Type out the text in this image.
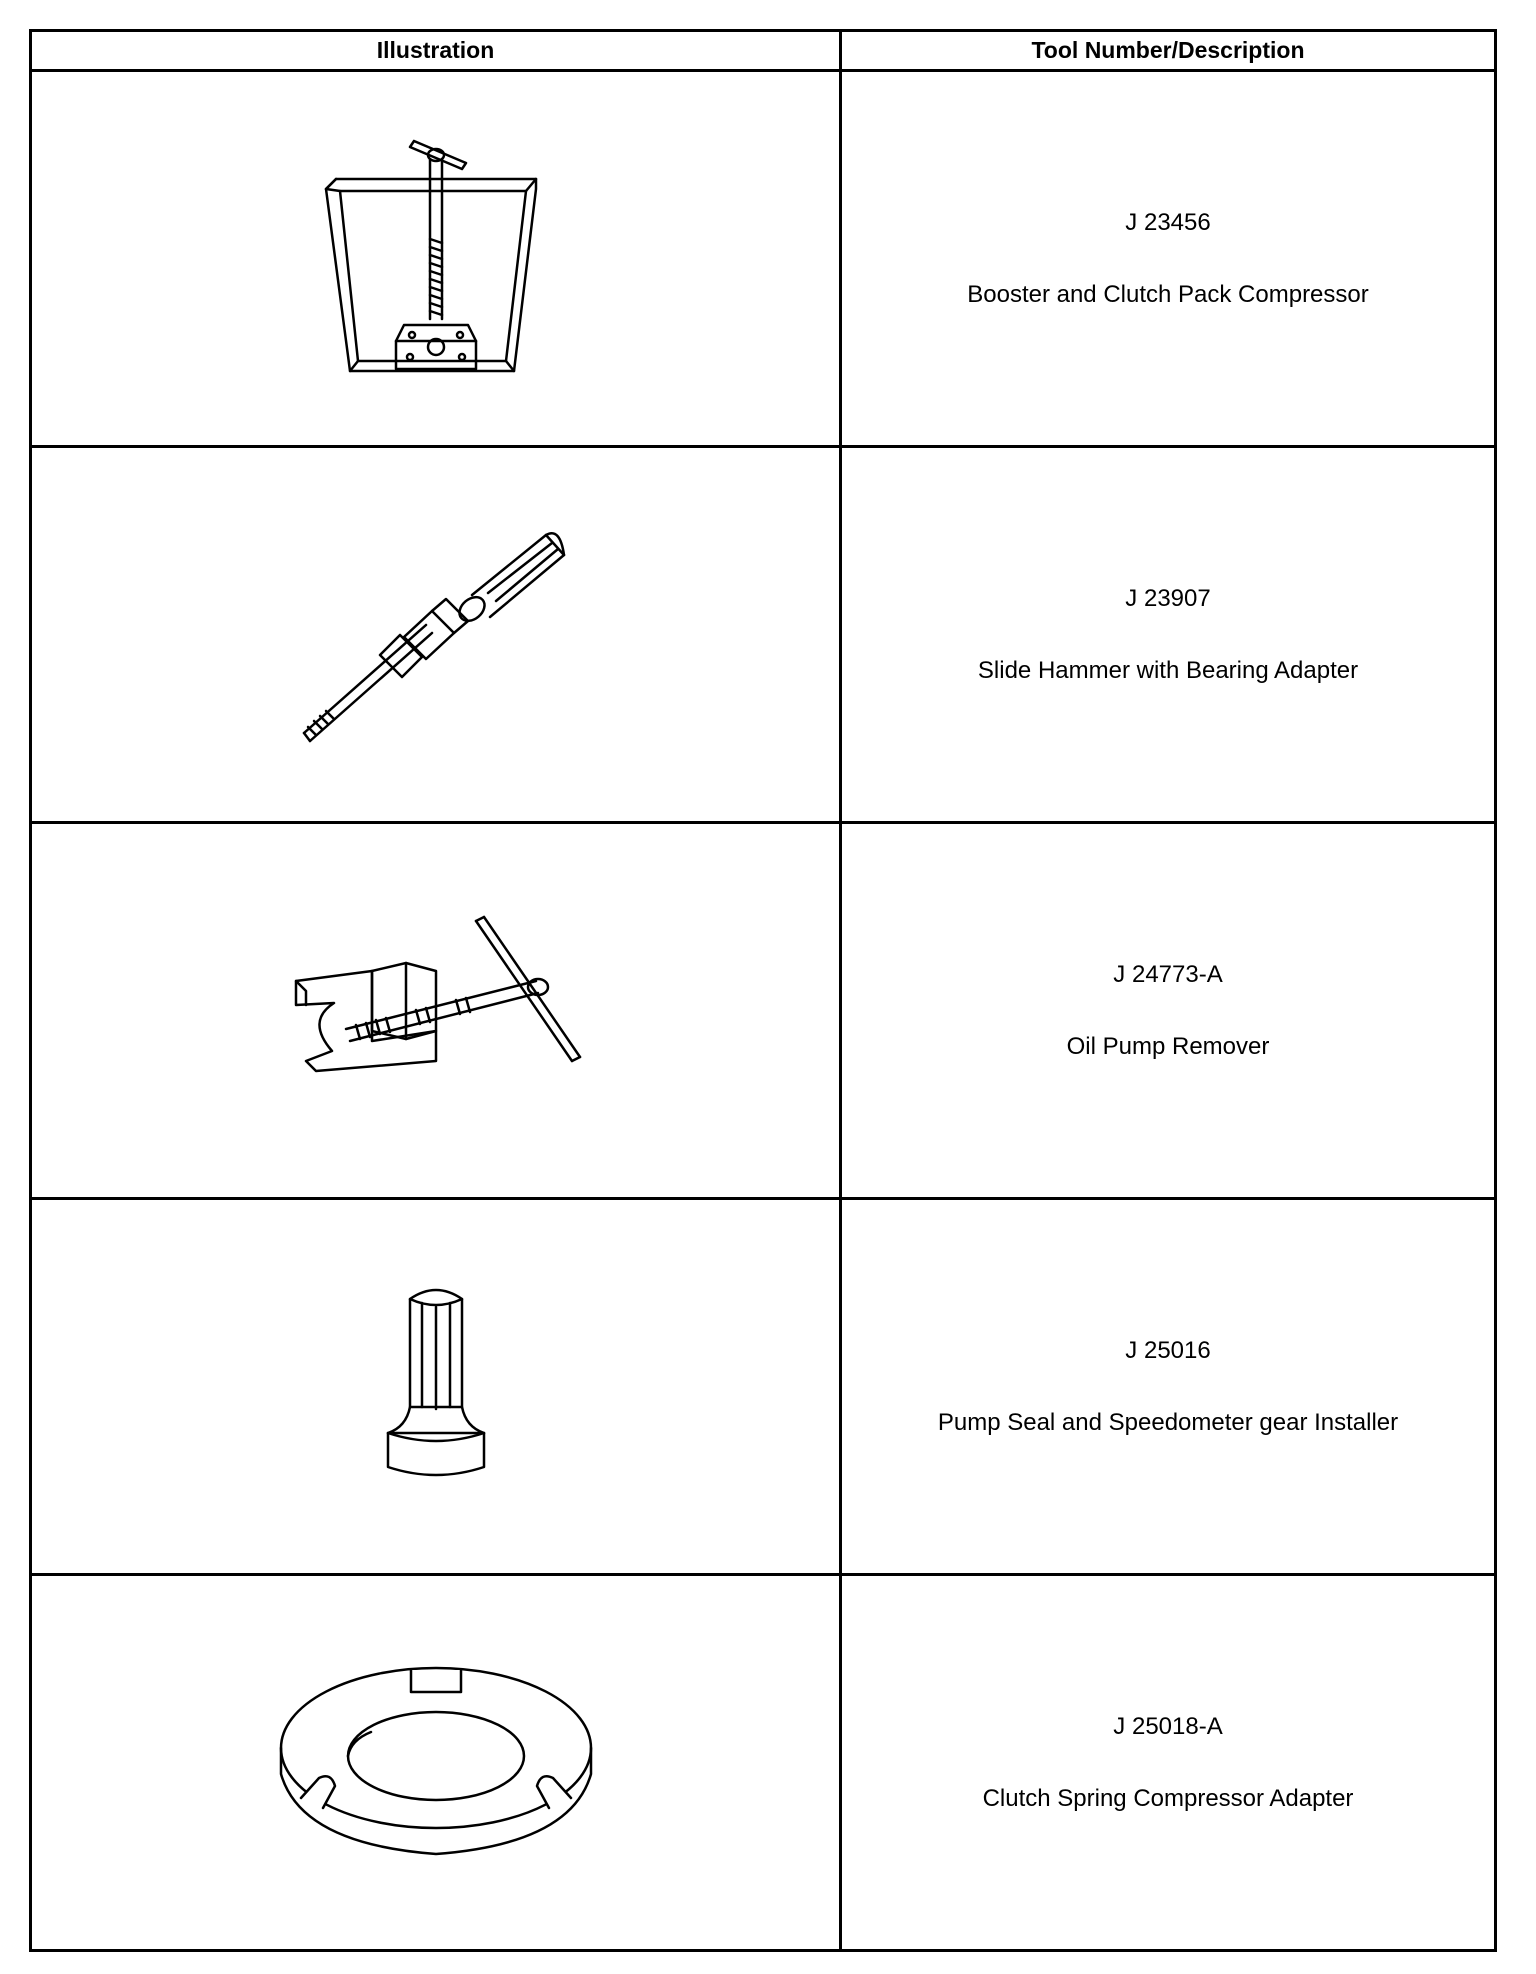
Illustration	Tool Number/Description

J 23456
Booster and Clutch Pack Compressor

J 23907
Slide Hammer with Bearing Adapter

J 24773-A
Oil Pump Remover

J 25016
Pump Seal and Speedometer gear Installer

J 25018-A
Clutch Spring Compressor Adapter
